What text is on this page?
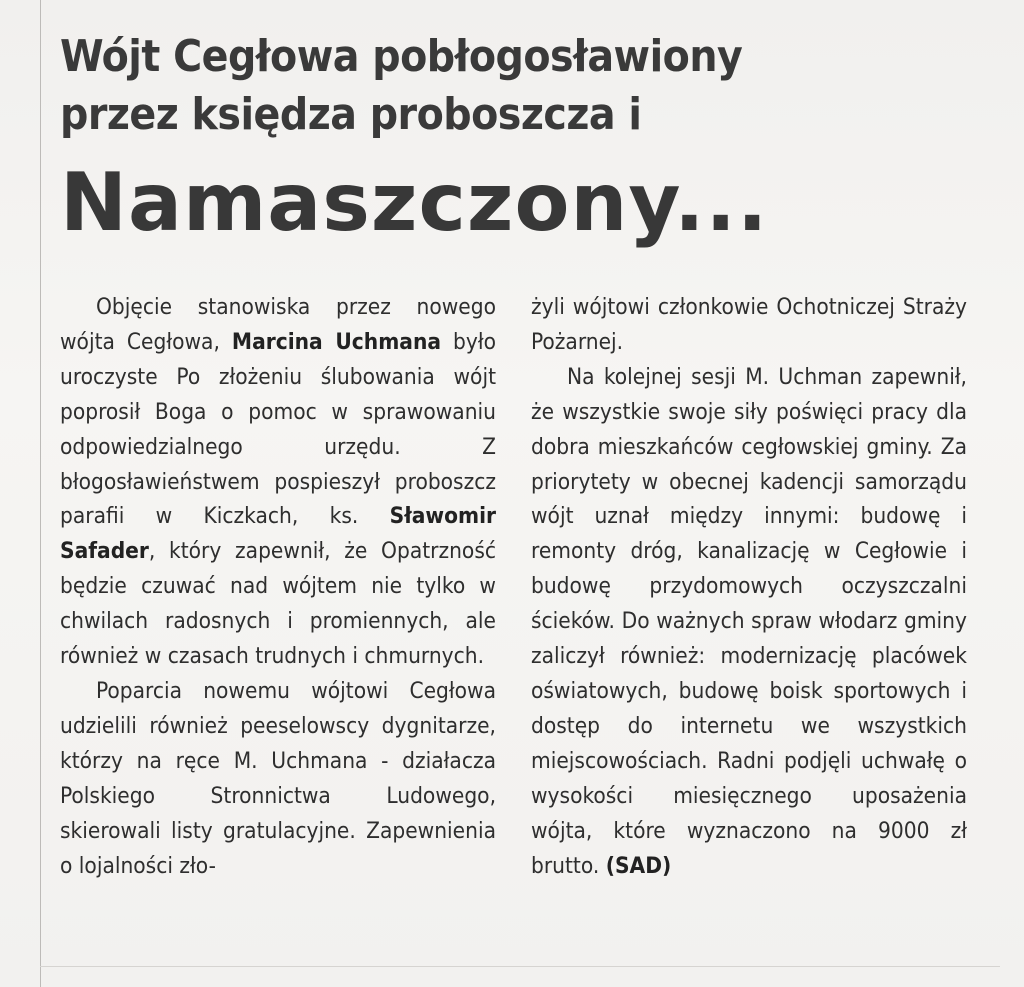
Wójt Cegłowa pobłogosławiony
przez księdza proboszcza i
Namaszczony...

Objęcie stanowiska przez nowego wójta Cegłowa, Marcina Uchmana było uroczyste Po złożeniu ślubowania wójt poprosił Boga o pomoc w sprawowaniu odpowiedzialnego urzędu. Z błogosławieństwem pospieszył proboszcz parafii w Kiczkach, ks. Sławomir Safader, który zapewnił, że Opatrzność będzie czuwać nad wójtem nie tylko w chwilach radosnych i promiennych, ale również w czasach trudnych i chmurnych.

Poparcia nowemu wójtowi Cegłowa udzielili również peeselowscy dygnitarze, którzy na ręce M. Uchmana - działacza Polskiego Stronnictwa Ludowego, skierowali listy gratulacyjne. Zapewnienia o lojalności zło-

żyli wójtowi członkowie Ochotniczej Straży Pożarnej.

Na kolejnej sesji M. Uchman zapewnił, że wszystkie swoje siły poświęci pracy dla dobra mieszkańców cegłowskiej gminy. Za priorytety w obecnej kadencji samorządu wójt uznał między innymi: budowę i remonty dróg, kanalizację w Cegłowie i budowę przydomowych oczyszczalni ścieków. Do ważnych spraw włodarz gminy zaliczył również: modernizację placówek oświatowych, budowę boisk sportowych i dostęp do internetu we wszystkich miejscowościach. Radni podjęli uchwałę o wysokości miesięcznego uposażenia wójta, które wyznaczono na 9000 zł brutto. (SAD)
